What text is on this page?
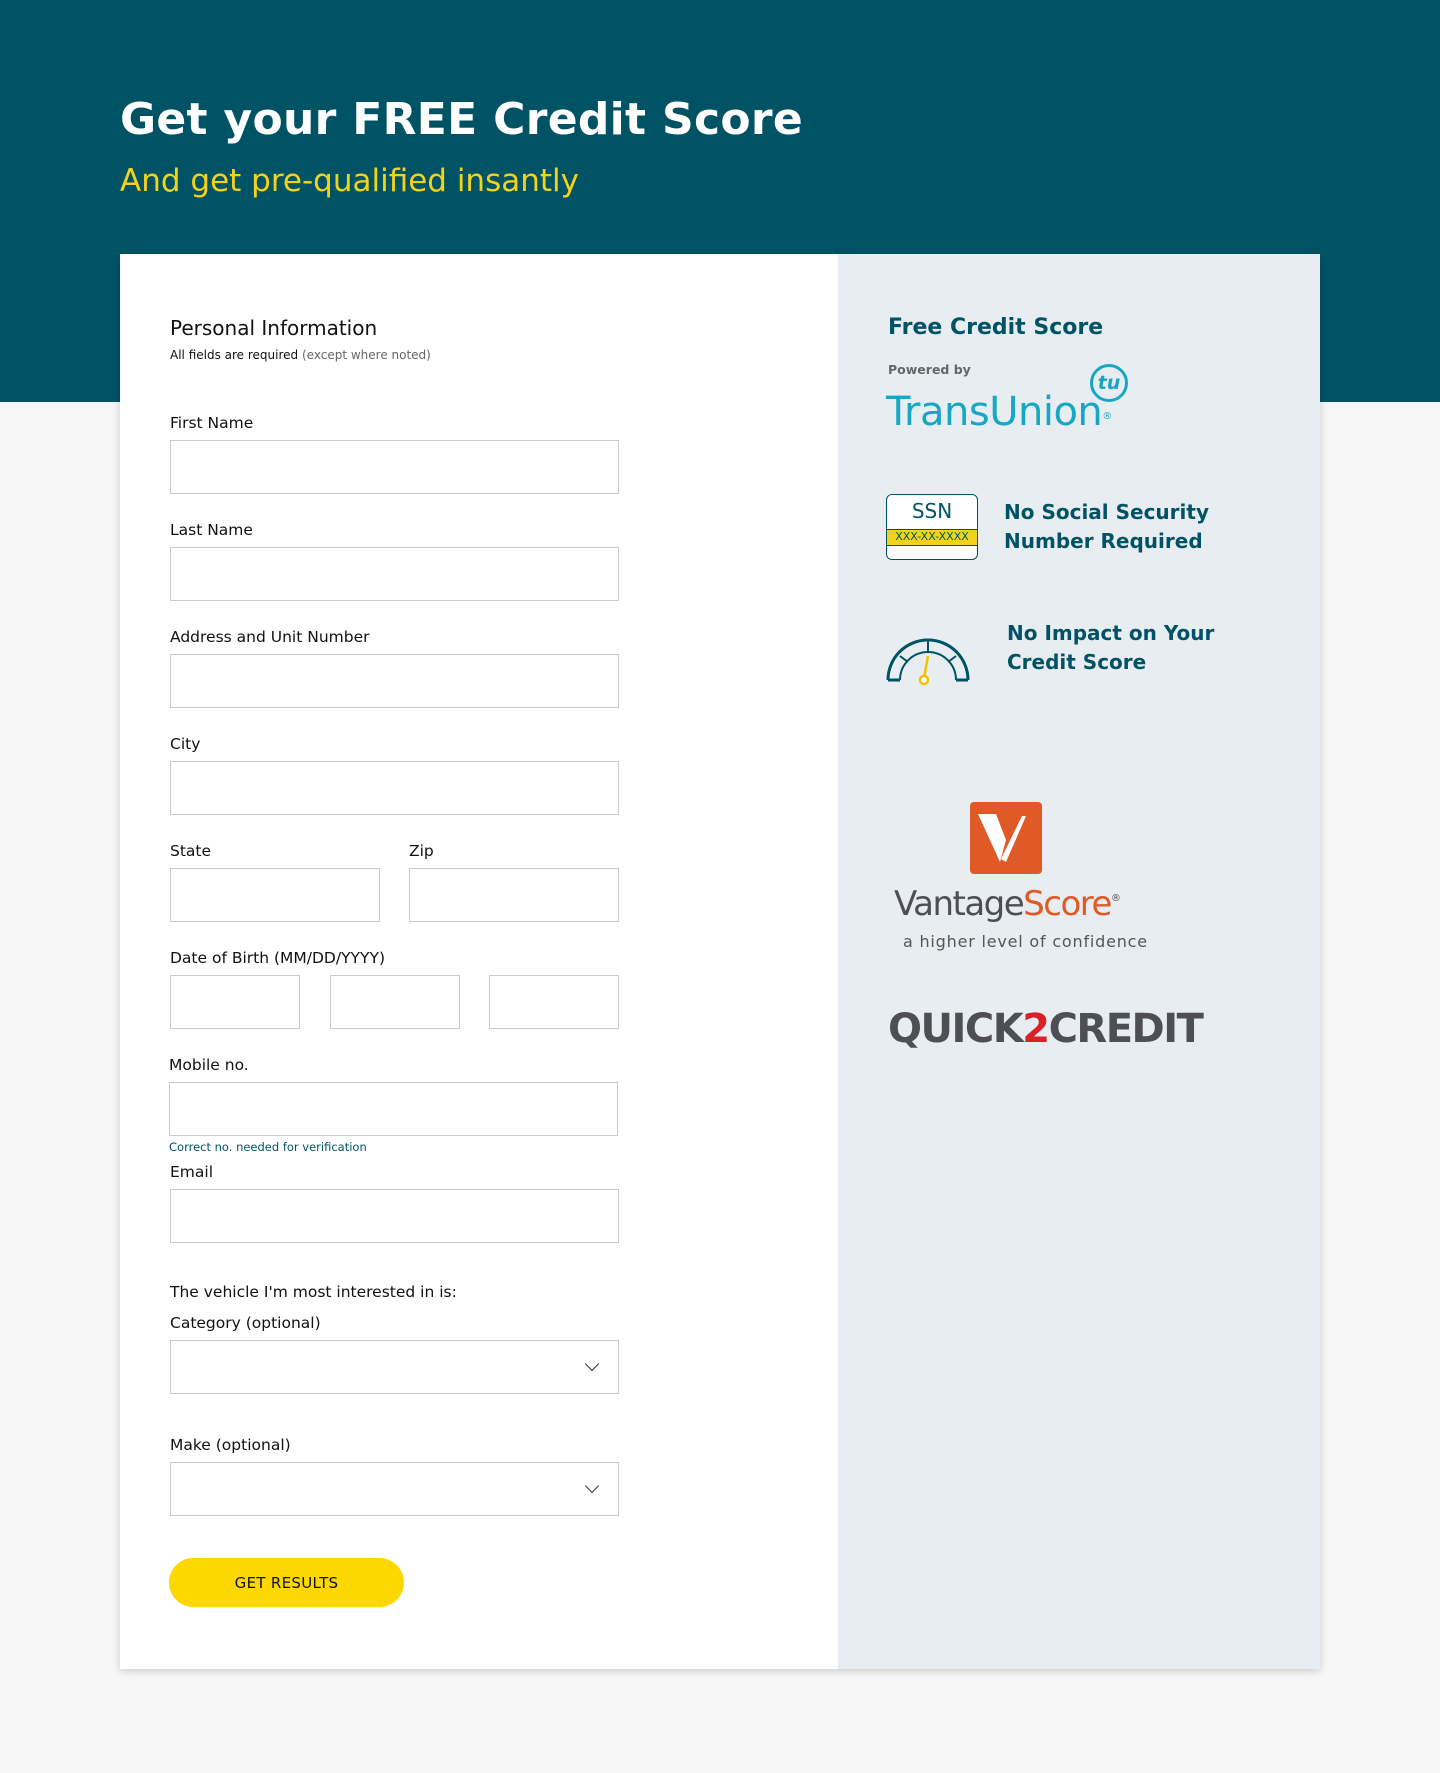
Get your FREE Credit Score

And get pre-qualified insantly

Personal Information
All fields are required (except where noted)
First Name
Last Name
Address and Unit Number
City
State	Zip
Date of Birth (MM/DD/YYYY)
Mobile no.
Correct no. needed for verification
Email
The vehicle I'm most interested in is:
Category (optional)
Make (optional)
GET RESULTS
Free Credit Score
Powered by
TransUnion®
tu
SSN
XXX-XX-XXXX
No Social Security Number Required
No Impact on Your Credit Score
VantageScore®
a higher level of confidence
QUICK2CREDIT
